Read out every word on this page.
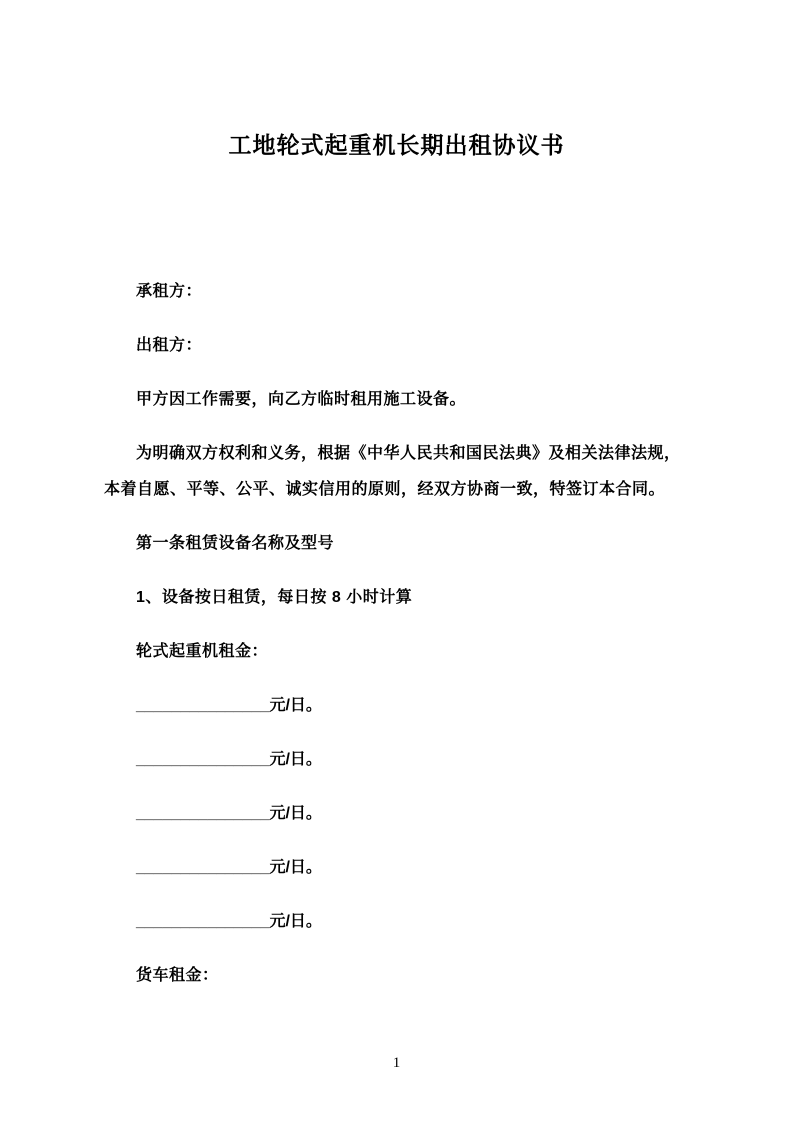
工地轮式起重机长期出租协议书

承租方：

出租方：

甲方因工作需要，向乙方临时租用施工设备。

为明确双方权利和义务，根据《中华人民共和国民法典》及相关法律法规，本着自愿、平等、公平、诚实信用的原则，经双方协商一致，特签订本合同。

第一条租赁设备名称及型号

1、设备按日租赁，每日按 8 小时计算

轮式起重机租金：

_______________元/日。

_______________元/日。

_______________元/日。

_______________元/日。

_______________元/日。

货车租金：

1
